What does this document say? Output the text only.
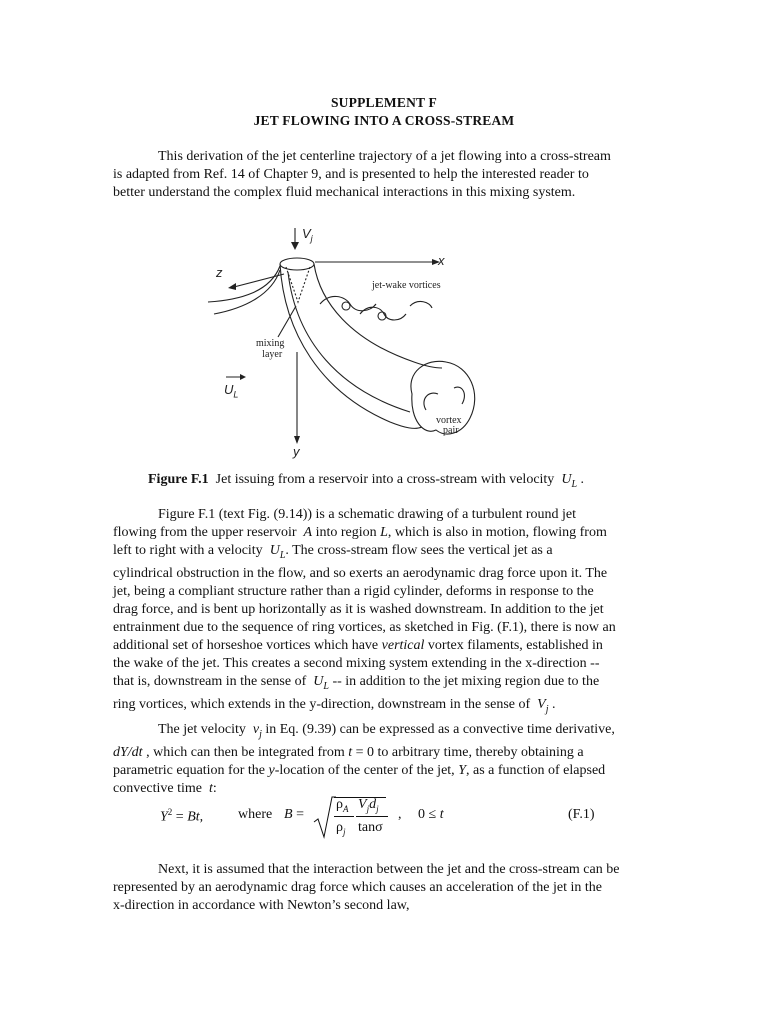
SUPPLEMENT F
JET FLOWING INTO A CROSS-STREAM
This derivation of the jet centerline trajectory of a jet flowing into a cross-stream
is adapted from Ref. 14 of Chapter 9, and is presented to help the interested reader to
better understand the complex fluid mechanical interactions in this mixing system.
$V_j$
x
z
jet-wake vortices
mixing
layer
$U_L$
vortex
pair
y
Figure F.1 Jet issuing from a reservoir into a cross-stream with velocity $U_L$ .
Figure F.1 (text Fig. (9.14)) is a schematic drawing of a turbulent round jet
flowing from the upper reservoir A into region L, which is also in motion, flowing from
left to right with a velocity $U_L$. The cross-stream flow sees the vertical jet as a
cylindrical obstruction in the flow, and so exerts an aerodynamic drag force upon it. The
jet, being a compliant structure rather than a rigid cylinder, deforms in response to the
drag force, and is bent up horizontally as it is washed downstream. In addition to the jet
entrainment due to the sequence of ring vortices, as sketched in Fig. (F.1), there is now an
additional set of horseshoe vortices which have vertical vortex filaments, established in
the wake of the jet. This creates a second mixing system extending in the x-direction --
that is, downstream in the sense of $U_L$ -- in addition to the jet mixing region due to the
ring vortices, which extends in the y-direction, downstream in the sense of $V_j$ .
The jet velocity $v_j$ in Eq. (9.39) can be expressed as a convective time derivative,
dY/dt , which can then be integrated from t = 0 to arbitrary time, thereby obtaining a
parametric equation for the y-location of the center of the jet, Y, as a function of elapsed
convective time t:
$Y^2 = Bt$, where B =
$\rho_A$
$\rho_j$
$V_jd_j$
tanσ
, 0 ≤ t	(F.1)
Next, it is assumed that the interaction between the jet and the cross-stream can be
represented by an aerodynamic drag force which causes an acceleration of the jet in the
x-direction in accordance with Newton’s second law,
